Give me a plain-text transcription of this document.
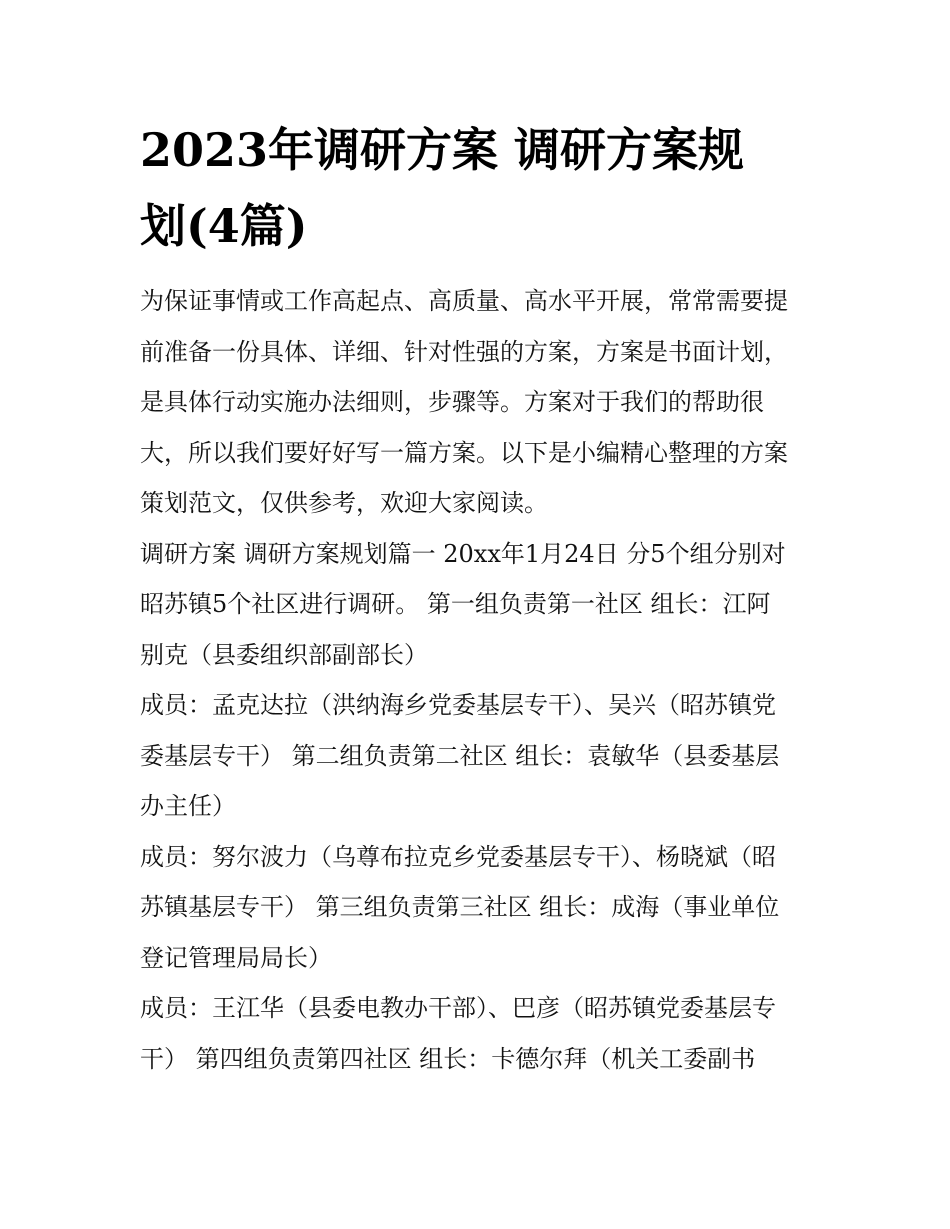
2023年调研方案 调研方案规
划(4篇)

为保证事情或工作高起点、高质量、高水平开展，常常需要提
前准备一份具体、详细、针对性强的方案，方案是书面计划，
是具体行动实施办法细则，步骤等。方案对于我们的帮助很
大，所以我们要好好写一篇方案。以下是小编精心整理的方案
策划范文，仅供参考，欢迎大家阅读。

调研方案 调研方案规划篇一 20xx年1月24日 分5个组分别对
昭苏镇5个社区进行调研。 第一组负责第一社区 组长：江阿
别克（县委组织部副部长）

成员：孟克达拉（洪纳海乡党委基层专干）、吴兴（昭苏镇党
委基层专干） 第二组负责第二社区 组长：袁敏华（县委基层
办主任）

成员：努尔波力（乌尊布拉克乡党委基层专干）、杨晓斌（昭
苏镇基层专干） 第三组负责第三社区 组长：成海（事业单位
登记管理局局长）

成员：王江华（县委电教办干部）、巴彦（昭苏镇党委基层专
干） 第四组负责第四社区 组长：卡德尔拜（机关工委副书
